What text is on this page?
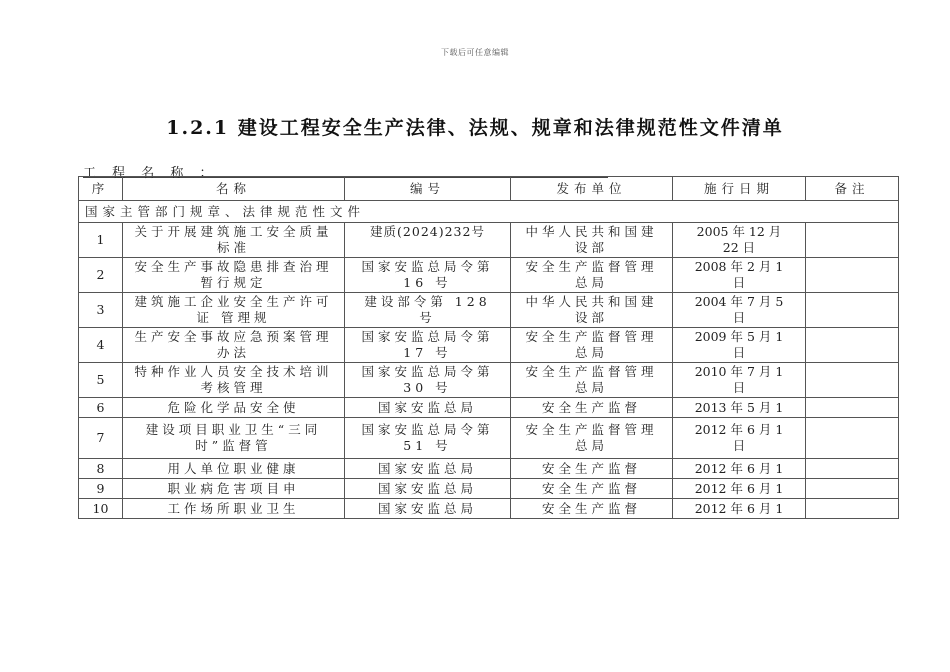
下载后可任意编辑
1.2.1 建设工程安全生产法律、法规、规章和法律规范性文件清单
工 程 名 称 ：
序	名称	编号	发布单位	施行日期	备注
国家主管部门规章、法律规范性文件					
1	关于开展建筑施工安全质量标准	建质(2024)232号	中华人民共和国建设部	2005 年 12 月 22 日	

2	安全生产事故隐患排查治理暂行规定	国家安监总局令第 16 号	安全生产监督管理总局	2008 年 2 月 1 日	

3	建筑施工企业安全生产许可证 管理规	建设部令第 128 号	中华人民共和国建设部	2004 年 7 月 5 日	

4	生产安全事故应急预案管理办法	国家安监总局令第 17 号	安全生产监督管理总局	2009 年 5 月 1 日	

5	特种作业人员安全技术培训考核管理	国家安监总局令第 30 号	安全生产监督管理总局	2010 年 7 月 1 日	

6	危险化学品安全使	国家安监总局	安全生产监督	2013 年 5 月 1	

7	建设项目职业卫生“三同时”监督管	国家安监总局令第 51 号	安全生产监督管理总局	2012 年 6 月 1 日	

8	用人单位职业健康	国家安监总局	安全生产监督	2012 年 6 月 1	

9	职业病危害项目申	国家安监总局	安全生产监督	2012 年 6 月 1	

10	工作场所职业卫生	国家安监总局	安全生产监督	2012 年 6 月 1	
